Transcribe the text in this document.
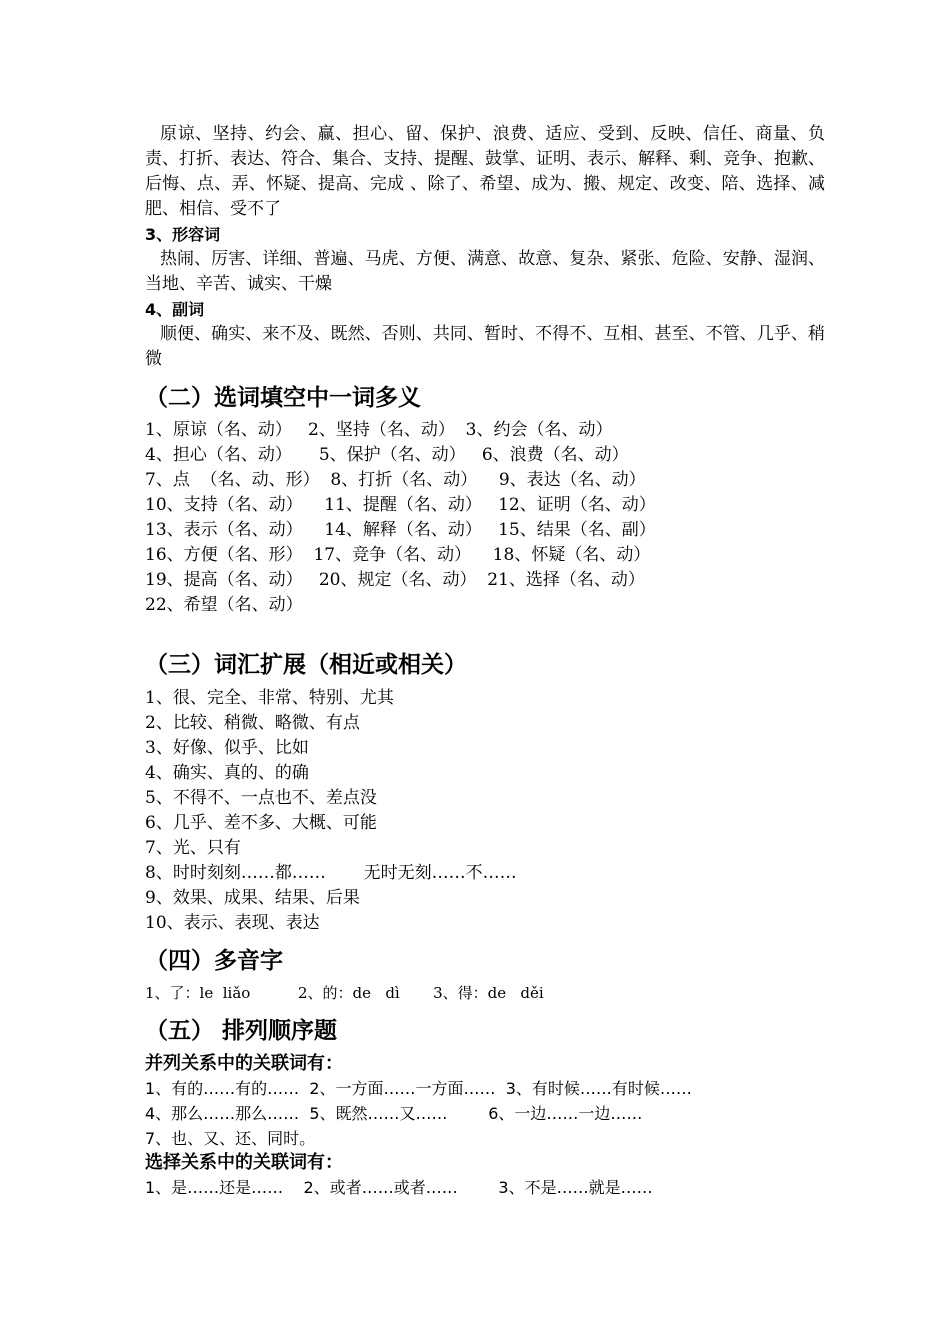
原谅、坚持、约会、赢、担心、留、保护、浪费、适应、受到、反映、信任、商量、负责、打折、表达、符合、集合、支持、提醒、鼓掌、证明、表示、解释、剩、竞争、抱歉、后悔、点、弄、怀疑、提高、完成 、除了、希望、成为、搬、规定、改变、陪、选择、减肥、相信、受不了

3、形容词

热闹、厉害、详细、普遍、马虎、方便、满意、故意、复杂、紧张、危险、安静、湿润、当地、辛苦、诚实、干燥

4、副词

顺便、确实、来不及、既然、否则、共同、暂时、不得不、互相、甚至、不管、几乎、稍微

（二）选词填空中一词多义

1、原谅（名、动）   2、坚持（名、动）  3、约会（名、动）

4、担心（名、动）     5、保护（名、动）   6、浪费（名、动）

7、点  （名、动、形）  8、打折（名、动）    9、表达（名、动）

10、支持（名、动）    11、提醒（名、动）   12、证明（名、动）

13、表示（名、动）    14、解释（名、动）   15、结果（名、副）

16、方便（名、形）  17、竞争（名、动）    18、怀疑（名、动）

19、提高（名、动）   20、规定（名、动）  21、选择（名、动）

22、希望（名、动）

（三）词汇扩展（相近或相关）

1、很、完全、非常、特别、尤其

2、比较、稍微、略微、有点

3、好像、似乎、比如

4、确实、真的、的确

5、不得不、一点也不、差点没

6、几乎、差不多、大概、可能

7、光、只有

8、时时刻刻……都……       无时无刻……不……

9、效果、成果、结果、后果

10、表示、表现、表达

（四）多音字

1、了：le  liǎo          2、的：de   dì       3、得：de   děi

（五） 排列顺序题

并列关系中的关联词有：

1、有的……有的……  2、一方面……一方面……  3、有时候……有时候……

4、那么……那么……  5、既然……又……        6、一边……一边……

7、也、又、还、同时。

选择关系中的关联词有：

1、是……还是……    2、或者……或者……        3、不是……就是……
